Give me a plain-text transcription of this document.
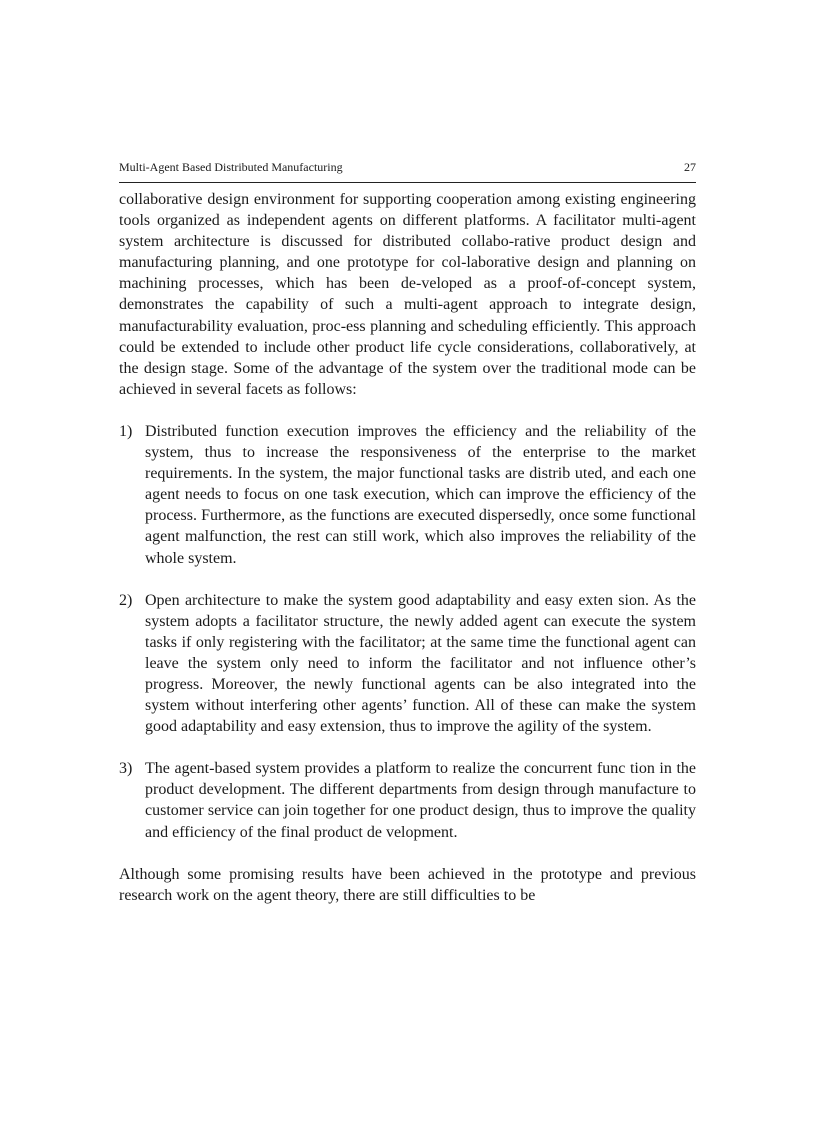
Multi-Agent Based Distributed Manufacturing	27

collaborative design environment for supporting cooperation among existing engineering tools organized as independent agents on different platforms. A facilitator multi-agent system architecture is discussed for distributed collabo-rative product design and manufacturing planning, and one prototype for col-laborative design and planning on machining processes, which has been de-veloped as a proof-of-concept system, demonstrates the capability of such a multi-agent approach to integrate design, manufacturability evaluation, proc-ess planning and scheduling efficiently. This approach could be extended to include other product life cycle considerations, collaboratively, at the design stage. Some of the advantage of the system over the traditional mode can be achieved in several facets as follows:

1) Distributed function execution improves the efficiency and the reliability of the system, thus to increase the responsiveness of the enterprise to the market requirements. In the system, the major functional tasks are distrib uted, and each one agent needs to focus on one task execution, which can improve the efficiency of the process. Furthermore, as the functions are executed dispersedly, once some functional agent malfunction, the rest can still work, which also improves the reliability of the whole system.
2) Open architecture to make the system good adaptability and easy exten sion. As the system adopts a facilitator structure, the newly added agent can execute the system tasks if only registering with the facilitator; at the same time the functional agent can leave the system only need to inform the facilitator and not influence other’s progress. Moreover, the newly functional agents can be also integrated into the system without interfering other agents’ function. All of these can make the system good adaptability and easy extension, thus to improve the agility of the system.
3) The agent-based system provides a platform to realize the concurrent func tion in the product development. The different departments from design through manufacture to customer service can join together for one product design, thus to improve the quality and efficiency of the final product de velopment.

Although some promising results have been achieved in the prototype and previous research work on the agent theory, there are still difficulties to be
